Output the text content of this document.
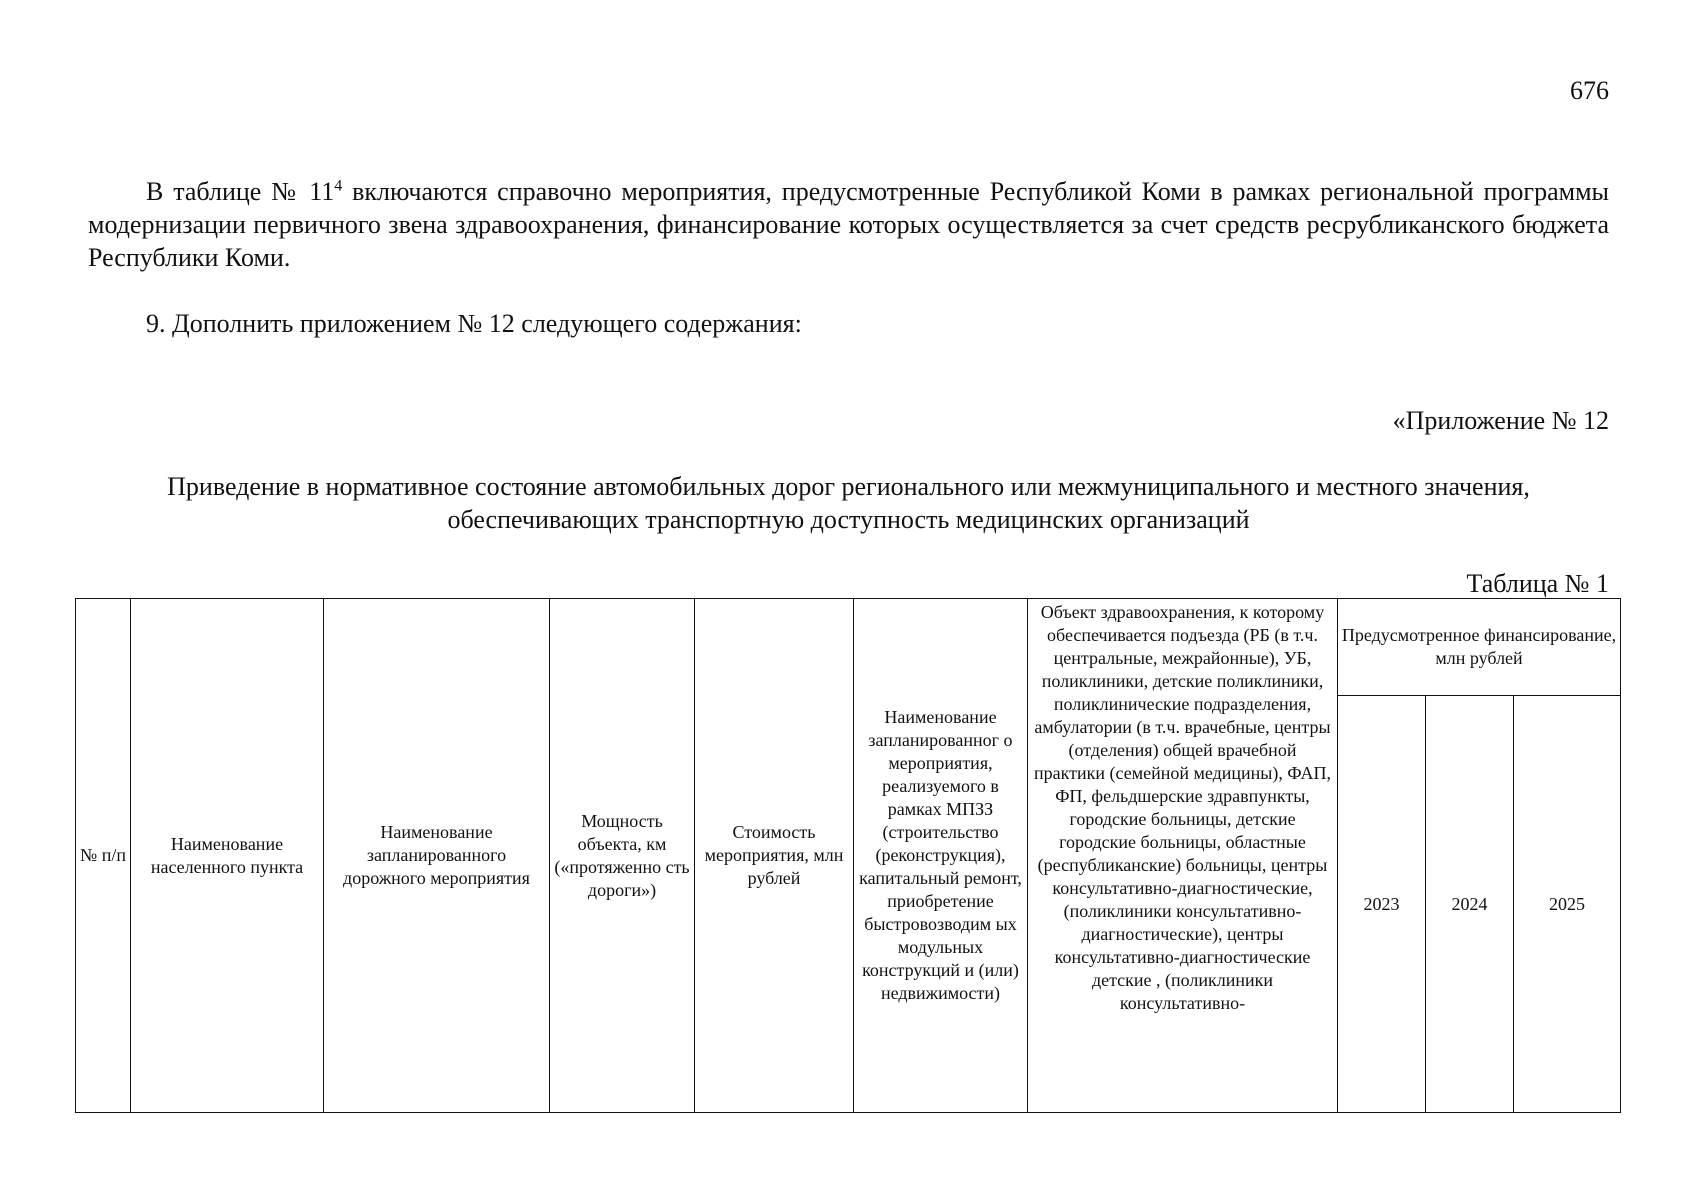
676
В таблице № $11^4$ включаются справочно мероприятия, предусмотренные Республикой Коми в рамках региональной программы модернизации первичного звена здравоохранения, финансирование которых осуществляется за счет средств ресрубликанского бюджета Республики Коми.
9. Дополнить приложением № 12 следующего содержания:
«Приложение № 12
Приведение в нормативное состояние автомобильных дорог регионального или межмуниципального и местного значения,
обеспечивающих транспортную доступность медицинских организаций
Таблица № 1
№ п/п	Наименование населенного пункта	Наименование запланированного дорожного мероприятия	Мощность объекта, км («протяженно сть дороги»)	Стоимость мероприятия, млн рублей	Наименование запланированног о мероприятия, реализуемого в рамках МПЗЗ (строительство (реконструкция), капитальный ремонт, приобретение быстровозводим ых модульных конструкций и (или) недвижимости)	Объект здравоохранения, к которому обеспечивается подъезда (РБ (в т.ч. центральные, межрайонные), УБ, поликлиники, детские поликлиники, поликлинические подразделения, амбулатории (в т.ч. врачебные, центры (отделения) общей врачебной практики (семейной медицины), ФАП, ФП, фельдшерские здравпункты, городские больницы, детские городские больницы, областные (республиканские) больницы, центры консультативно-диагностические, (поликлиники консультативно-диагностические), центры консультативно-диагностические детские , (поликлиники консультативно-	Предусмотренное финансирование, млн рублей		
							2023	2024	2025
